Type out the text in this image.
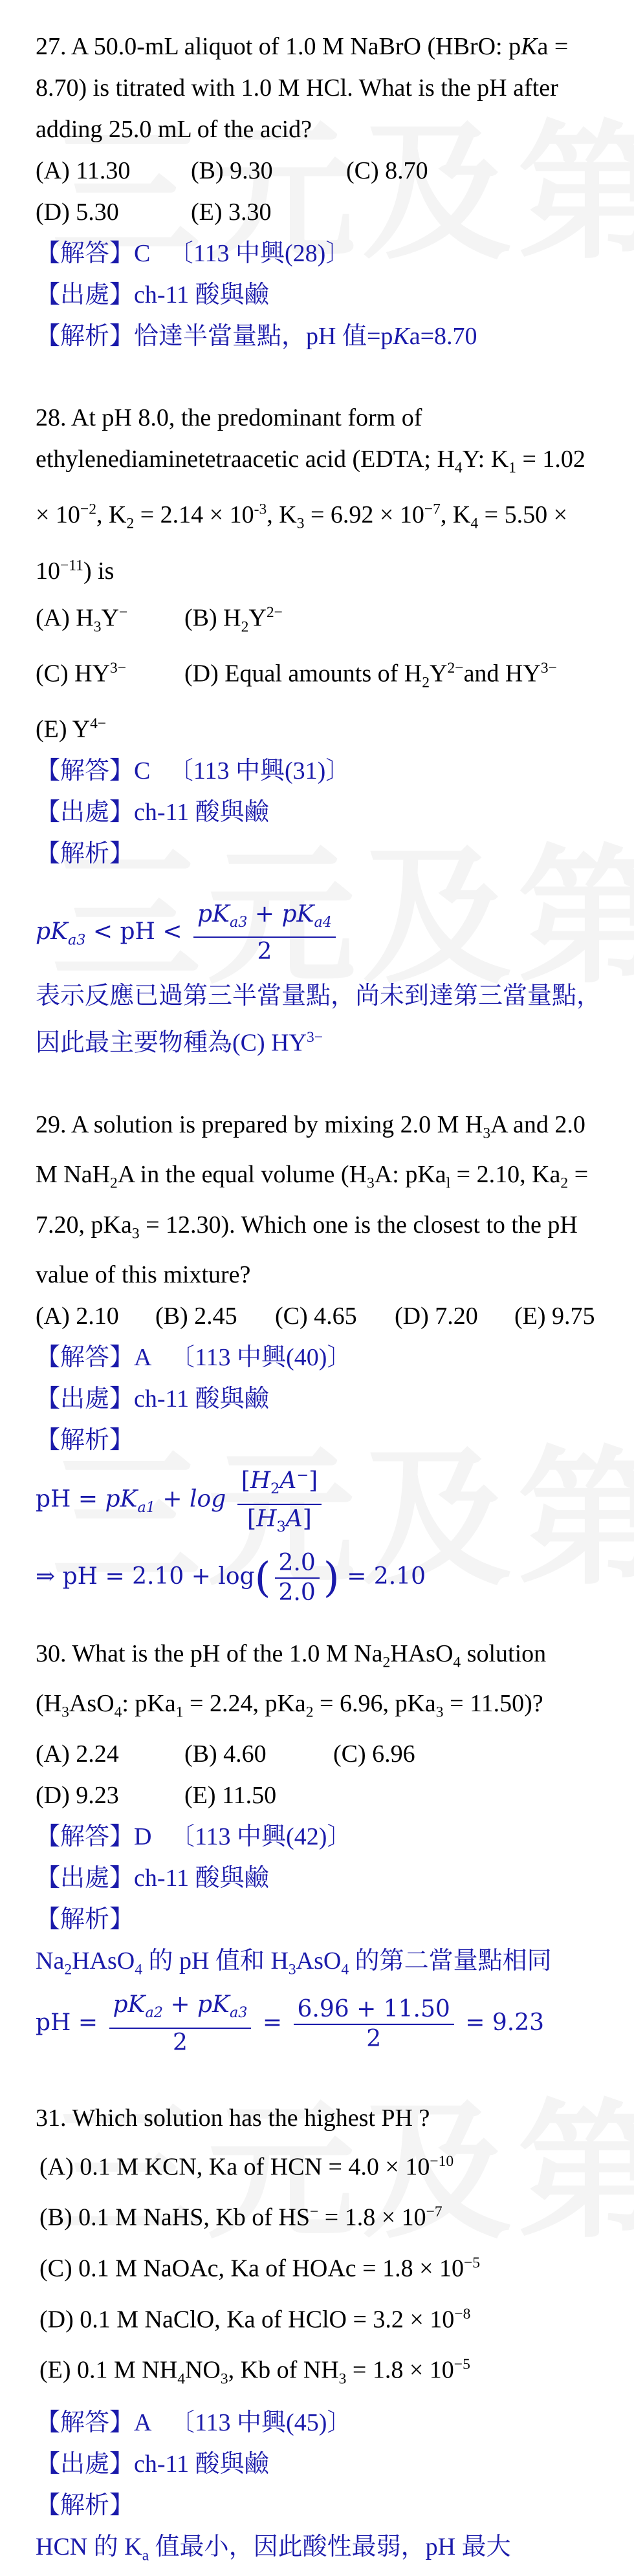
27. A 50.0-mL aliquot of 1.0 M NaBrO (HBrO: pKa = 8.70) is titrated with 1.0 M HCl. What is the pH after adding 25.0 mL of the acid?
(A) 11.30 (B) 9.30	(C) 8.70
(D) 5.30	(E) 3.30
【解答】C 〔113 中興(28)〕
【出處】ch-11 酸與鹼
【解析】恰達半當量點，pH 值=pKa=8.70
28. At pH 8.0, the predominant form of ethylenediaminetetraacetic acid (EDTA; $H_4Y$: $K_1 = 1.02 \times 10^{-2}$, $K_2 = 2.14 \times 10^{-3}$, $K_3 = 6.92 \times 10^{-7}$, $K_4 = 5.50 \times 10^{-11}$) is
(A) $H_3Y^-$ (B) $H_2Y^{2-}$
(C) $HY^{3-}$ (D) Equal amounts of $H_2Y^{2-}and$ $HY^{3-}$
(E) $Y^{4-}$
【解答】C 〔113 中興(31)〕
【出處】ch-11 酸與鹼
【解析】
$pK_{a3}$ < pH < $\frac{pK_{a3} + pK_{a4}}{2}$
表示反應已過第三半當量點，尚未到達第三當量點，因此最主要物種為(C) $HY^{3-}$
29. A solution is prepared by mixing 2.0 M $H_3A$ and 2.0 M NaH$_2$A in the equal volume ($H_3A$: pKa$_l$ = 2.10, $Ka_2 = 7.20$, pKa$_3$ = 12.30). Which one is the closest to the pH value of this mixture?
(A) 2.10 (B) 2.45 (C) 4.65 (D) 7.20 (E) 9.75
【解答】A 〔113 中興(40)〕
【出處】ch-11 酸與鹼
【解析】
pH = $pK_{a1} + \log \frac{[H_2A^-]}{[H_3A]}$
⇒ pH = $2.10 + \log( \frac{2.0}{2.0}$ ) = 2.10
30. What is the pH of the 1.0 M $Na_2HAsO_4$ solution ($H_3AsO_4$: pKa$_1$ = 2.24, pKa$_2$ = 6.96, pKa$_3$ = 11.50)?
(A) 2.24	(B) 4.60	(C) 6.96
(D) 9.23	(E) 11.50
【解答】D 〔113 中興(42)〕
【出處】ch-11 酸與鹼
【解析】
$Na_2HAsO_4$ 的 pH 值和 $H_3AsO_4$ 的第二當量點相同
pH = $\frac{pK_{a2} + pK_{a3}}{2} = \frac{6.96 + 11.50}{2} = 9.23$
31. Which solution has the highest PH ?
(A) 0.1 M KCN, Ka of HCN = $4.0 \times 10^{-10}$
(B) 0.1 M NaHS, Kb of $HS^- = 1.8 \times 10^{-7}$
(C) 0.1 M NaOAc, Ka of HOAc = $1.8 \times 10^{-5}$
(D) 0.1 M NaClO, Ka of HClO = $3.2 \times 10^{-8}$
(E) 0.1 M $NH_4NO_3$, Kb of $NH_3 = 1.8 \times 10^{-5}$
【解答】A 〔113 中興(45)〕
【出處】ch-11 酸與鹼
【解析】
HCN 的 $K_a$ 值最小，因此酸性最弱，pH 最大
